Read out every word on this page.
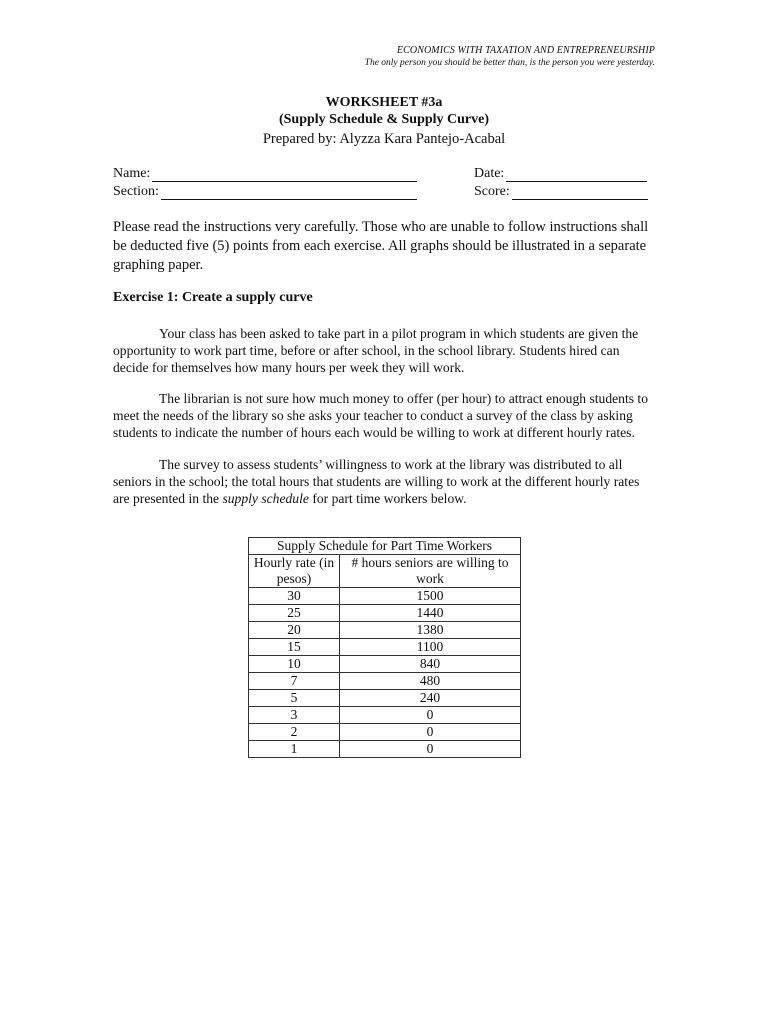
ECONOMICS WITH TAXATION AND ENTREPRENEURSHIP
The only person you should be better than, is the person you were yesterday.
WORKSHEET #3a
(Supply Schedule & Supply Curve)
Prepared by: Alyzza Kara Pantejo-Acabal
Name:	Date:
Section:	Score:
Please read the instructions very carefully. Those who are unable to follow instructions shall be deducted five (5) points from each exercise. All graphs should be illustrated in a separate graphing paper.
Exercise 1: Create a supply curve
Your class has been asked to take part in a pilot program in which students are given the opportunity to work part time, before or after school, in the school library. Students hired can decide for themselves how many hours per week they will work.
The librarian is not sure how much money to offer (per hour) to attract enough students to meet the needs of the library so she asks your teacher to conduct a survey of the class by asking students to indicate the number of hours each would be willing to work at different hourly rates.
The survey to assess students’ willingness to work at the library was distributed to all seniors in the school; the total hours that students are willing to work at the different hourly rates are presented in the supply schedule for part time workers below.
Supply Schedule for Part Time Workers	
Hourly rate (in pesos)	# hours seniors are willing to work
30	1500
25	1440
20	1380
15	1100
10	840
7	480
5	240
3	0
2	0
1	0
